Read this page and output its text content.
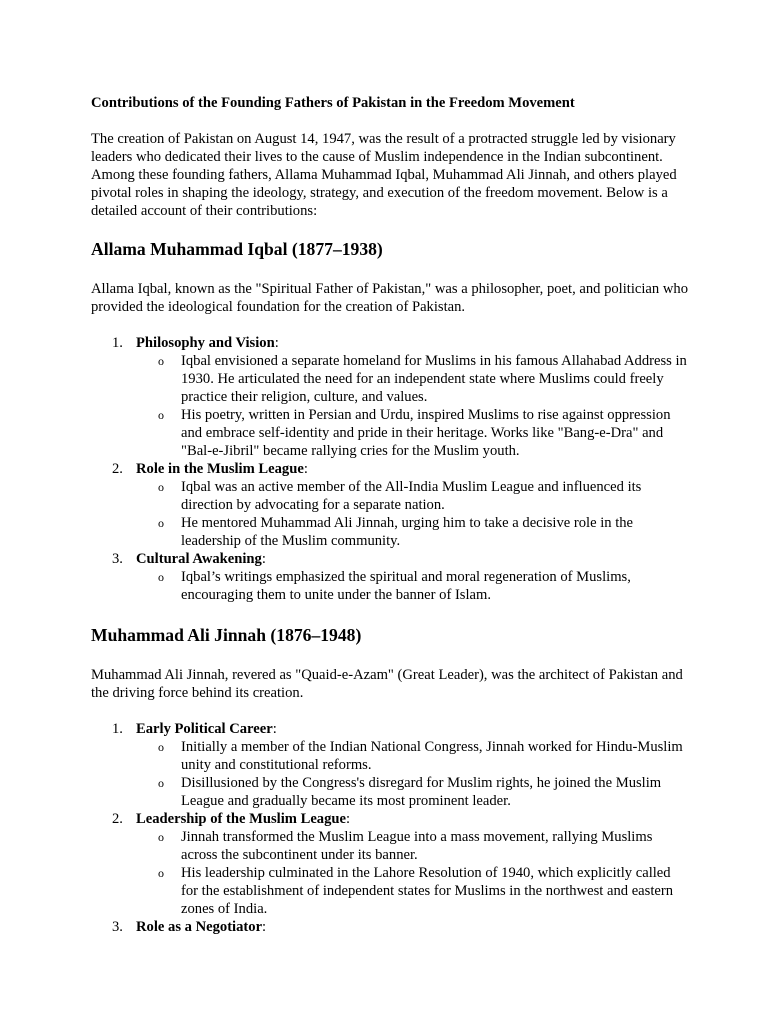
Contributions of the Founding Fathers of Pakistan in the Freedom Movement

The creation of Pakistan on August 14, 1947, was the result of a protracted struggle led by visionary leaders who dedicated their lives to the cause of Muslim independence in the Indian subcontinent. Among these founding fathers, Allama Muhammad Iqbal, Muhammad Ali Jinnah, and others played pivotal roles in shaping the ideology, strategy, and execution of the freedom movement. Below is a detailed account of their contributions:

Allama Muhammad Iqbal (1877–1938)

Allama Iqbal, known as the "Spiritual Father of Pakistan," was a philosopher, poet, and politician who provided the ideological foundation for the creation of Pakistan.

1. Philosophy and Vision:
o Iqbal envisioned a separate homeland for Muslims in his famous Allahabad Address in 1930. He articulated the need for an independent state where Muslims could freely practice their religion, culture, and values.
o His poetry, written in Persian and Urdu, inspired Muslims to rise against oppression and embrace self-identity and pride in their heritage. Works like "Bang-e-Dra" and "Bal-e-Jibril" became rallying cries for the Muslim youth.
2. Role in the Muslim League:
o Iqbal was an active member of the All-India Muslim League and influenced its direction by advocating for a separate nation.
o He mentored Muhammad Ali Jinnah, urging him to take a decisive role in the leadership of the Muslim community.
3. Cultural Awakening:
o Iqbal’s writings emphasized the spiritual and moral regeneration of Muslims, encouraging them to unite under the banner of Islam.
Muhammad Ali Jinnah (1876–1948)

Muhammad Ali Jinnah, revered as "Quaid-e-Azam" (Great Leader), was the architect of Pakistan and the driving force behind its creation.

1. Early Political Career:
o Initially a member of the Indian National Congress, Jinnah worked for Hindu-Muslim unity and constitutional reforms.
o Disillusioned by the Congress's disregard for Muslim rights, he joined the Muslim League and gradually became its most prominent leader.
2. Leadership of the Muslim League:
o Jinnah transformed the Muslim League into a mass movement, rallying Muslims across the subcontinent under its banner.
o His leadership culminated in the Lahore Resolution of 1940, which explicitly called for the establishment of independent states for Muslims in the northwest and eastern zones of India.
3. Role as a Negotiator:
